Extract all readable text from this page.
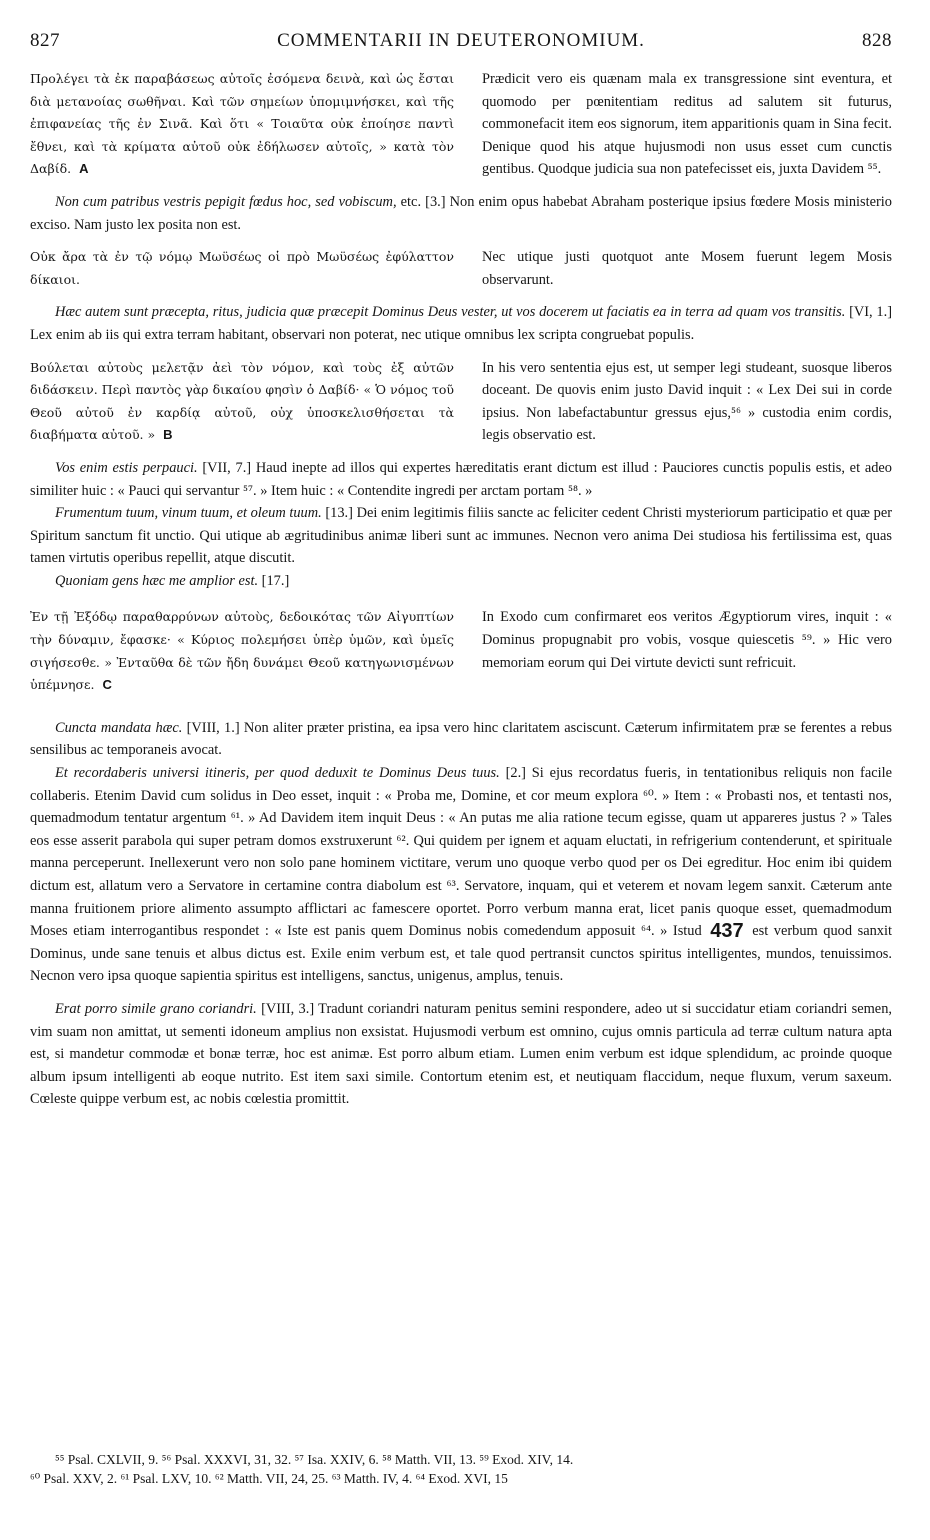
827	COMMENTARII IN DEUTERONOMIUM.	828
Προλέγει τὰ ἐκ παραβάσεως αὐτοῖς ἐσόμενα δεινὰ, καὶ ὡς ἔσται διὰ μετανοίας σωθῆναι. Καὶ τῶν σημείων ὑπομιμνήσκει, καὶ τῆς ἐπιφανείας τῆς ἐν Σινᾶ. Καὶ ὅτι « Τοιαῦτα οὐκ ἐποίησε παντὶ ἔθνει, καὶ τὰ κρίματα αὐτοῦ οὐκ ἐδήλωσεν αὐτοῖς, » κατὰ τὸν Δαβίδ. A
Prædicit vero eis quænam mala ex transgressione sint eventura, et quomodo per pœnitentiam reditus ad salutem sit futurus, commonefacit item eos signorum, item apparitionis quam in Sina fecit. Denique quod his atque hujusmodi non usus esset cum cunctis gentibus. Quodque judicia sua non patefecisset eis, juxta Davidem ⁵⁵.

Non cum patribus vestris pepigit fœdus hoc, sed vobiscum, etc. [3.] Non enim opus habebat Abraham posterique ipsius fœdere Mosis ministerio exciso. Nam justo lex posita non est.

Οὐκ ἄρα τὰ ἐν τῷ νόμῳ Μωϋσέως οἱ πρὸ Μωϋσέως ἐφύλαττον δίκαιοι.
Nec utique justi quotquot ante Mosem fuerunt legem Mosis observarunt.

Hæc autem sunt præcepta, ritus, judicia quæ præcepit Dominus Deus vester, ut vos docerem ut faciatis ea in terra ad quam vos transitis. [VI, 1.] Lex enim ab iis qui extra terram habitant, observari non poterat, nec utique omnibus lex scripta congruebat populis.

Βούλεται αὐτοὺς μελετᾷν ἀεὶ τὸν νόμον, καὶ τοὺς ἐξ αὐτῶν διδάσκειν. Περὶ παντὸς γὰρ δικαίου φησὶν ὁ Δαβίδ· « Ὁ νόμος τοῦ Θεοῦ αὐτοῦ ἐν καρδίᾳ αὐτοῦ, οὐχ ὑποσκελισθήσεται τὰ διαβήματα αὐτοῦ. » B
In his vero sententia ejus est, ut semper legi studeant, suosque liberos doceant. De quovis enim justo David inquit : « Lex Dei sui in corde ipsius. Non labefactabuntur gressus ejus,⁵⁶ » custodia enim cordis, legis observatio est.

Vos enim estis perpauci. [VII, 7.] Haud inepte ad illos qui expertes hæreditatis erant dictum est illud : Pauciores cunctis populis estis, et adeo similiter huic : « Pauci qui servantur ⁵⁷. » Item huic : « Contendite ingredi per arctam portam ⁵⁸. »

Frumentum tuum, vinum tuum, et oleum tuum. [13.] Dei enim legitimis filiis sancte ac feliciter cedent Christi mysteriorum participatio et quæ per Spiritum sanctum fit unctio. Qui utique ab ægritudinibus animæ liberi sunt ac immunes. Necnon vero anima Dei studiosa his fertilissima est, quas tamen virtutis operibus repellit, atque discutit.

Quoniam gens hæc me amplior est. [17.]

Ἐν τῇ Ἐξόδῳ παραθαρρύνων αὐτοὺς, δεδοικότας τῶν Αἰγυπτίων τὴν δύναμιν, ἔφασκε· « Κύριος πολεμήσει ὑπὲρ ὑμῶν, καὶ ὑμεῖς σιγήσεσθε. » Ἐνταῦθα δὲ τῶν ἤδη δυνάμει Θεοῦ κατηγωνισμένων ὑπέμνησε. C
In Exodo cum confirmaret eos veritos Ægyptiorum vires, inquit : « Dominus propugnabit pro vobis, vosque quiescetis ⁵⁹. » Hic vero memoriam eorum qui Dei virtute devicti sunt refricuit.

Cuncta mandata hæc. [VIII, 1.] Non aliter præter pristina, ea ipsa vero hinc claritatem asciscunt. Cæterum infirmitatem præ se ferentes a rebus sensilibus ac temporaneis avocat.

Et recordaberis universi itineris, per quod deduxit te Dominus Deus tuus. [2.] Si ejus recordatus fueris, in tentationibus reliquis non facile collaberis. Etenim David cum solidus in Deo esset, inquit : « Proba me, Domine, et cor meum explora ⁶⁰. » Item : « Probasti nos, et tentasti nos, quemadmodum tentatur argentum ⁶¹. » Ad Davidem item inquit Deus : « An putas me alia ratione tecum egisse, quam ut appareres justus ? » Tales eos esse asserit parabola qui super petram domos exstruxerunt ⁶². Qui quidem per ignem et aquam eluctati, in refrigerium contenderunt, et spirituale manna perceperunt. Inellexerunt vero non solo pane hominem victitare, verum uno quoque verbo quod per os Dei egreditur. Hoc enim ibi quidem dictum est, allatum vero a Servatore in certamine contra diabolum est ⁶³. Servatore, inquam, qui et veterem et novam legem sanxit. Cæterum ante manna fruitionem priore alimento assumpto afflictari ac famescere oportet. Porro verbum manna erat, licet panis quoque esset, quemadmodum Moses etiam interrogantibus respondet : « Iste est panis quem Dominus nobis comedendum apposuit ⁶⁴. » Istud 437 est verbum quod sanxit Dominus, unde sane tenuis et albus dictus est. Exile enim verbum est, et tale quod pertransit cunctos spiritus intelligentes, mundos, tenuissimos. Necnon vero ipsa quoque sapientia spiritus est intelligens, sanctus, unigenus, amplus, tenuis.

Erat porro simile grano coriandri. [VIII, 3.] Tradunt coriandri naturam penitus semini respondere, adeo ut si succidatur etiam coriandri semen, vim suam non amittat, ut sementi idoneum amplius non exsistat. Hujusmodi verbum est omnino, cujus omnis particula ad terræ cultum natura apta est, si mandetur commodæ et bonæ terræ, hoc est animæ. Est porro album etiam. Lumen enim verbum est idque splendidum, ac proinde quoque album ipsum intelligenti ab eoque nutrito. Est item saxi simile. Contortum etenim est, et neutiquam flaccidum, neque fluxum, verum saxeum. Cœleste quippe verbum est, ac nobis cœlestia promittit.

⁵⁵ Psal. CXLVII, 9. ⁵⁶ Psal. XXXVI, 31, 32. ⁵⁷ Isa. XXIV, 6. ⁵⁸ Matth. VII, 13. ⁵⁹ Exod. XIV, 14.
⁶⁰ Psal. XXV, 2. ⁶¹ Psal. LXV, 10. ⁶² Matth. VII, 24, 25. ⁶³ Matth. IV, 4. ⁶⁴ Exod. XVI, 15
